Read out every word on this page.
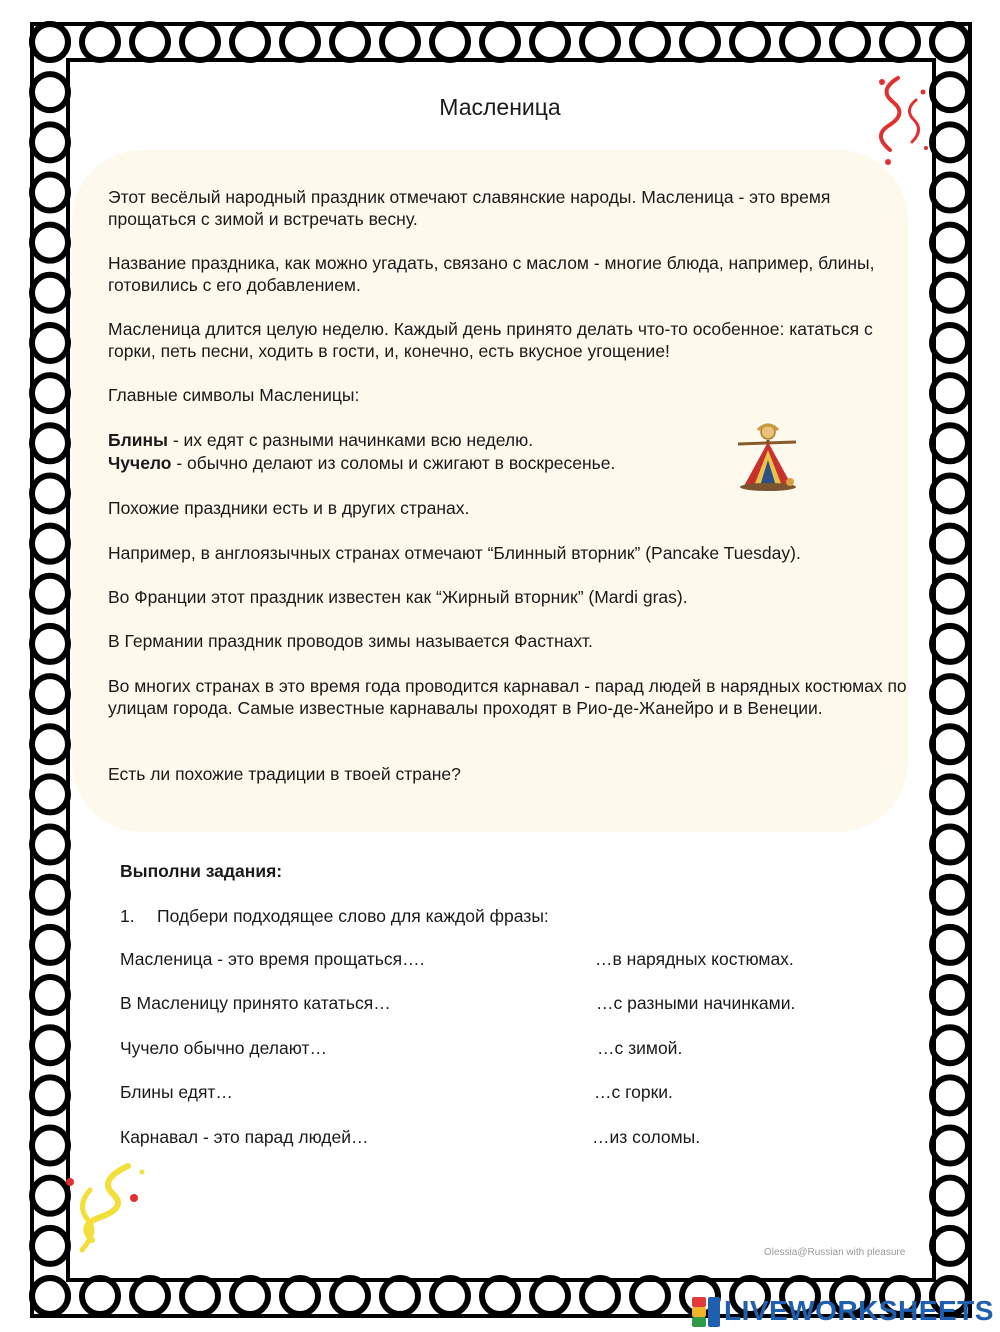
Масленица

Этот весёлый народный праздник отмечают славянские народы. Масленица - это время прощаться с зимой и встречать весну.

Название праздника, как можно угадать, связано с маслом - многие блюда, например, блины, готовились с его добавлением.

Масленица длится целую неделю. Каждый день принято делать что-то особенное: кататься с горки, петь песни, ходить в гости, и, конечно, есть вкусное угощение!

Главные символы Масленицы:

Блины - их едят с разными начинками всю неделю.

Чучело - обычно делают из соломы и сжигают в воскресенье.

Похожие праздники есть и в других странах.

Например, в англоязычных странах отмечают “Блинный вторник” (Pancake Tuesday).

Во Франции этот праздник известен как “Жирный вторник” (Mardi gras).

В Германии праздник проводов зимы называется Фастнахт.

Во многих странах в это время года проводится карнавал - парад людей в нарядных костюмах по улицам города. Самые известные карнавалы проходят в Рио-де-Жанейро и в Венеции.

Есть ли похожие традиции в твоей стране?

Выполни задания:

1. Подбери подходящее слово для каждой фразы:

Масленица - это время прощаться….

В Масленицу принято кататься…

Чучело обычно делают…

Блины едят…

Карнавал - это парад людей…

…в нарядных костюмах.

…с разными начинками.

…с зимой.

…с горки.

…из соломы.

Olessia@Russian with pleasure

LIVEWORKSHEETS
